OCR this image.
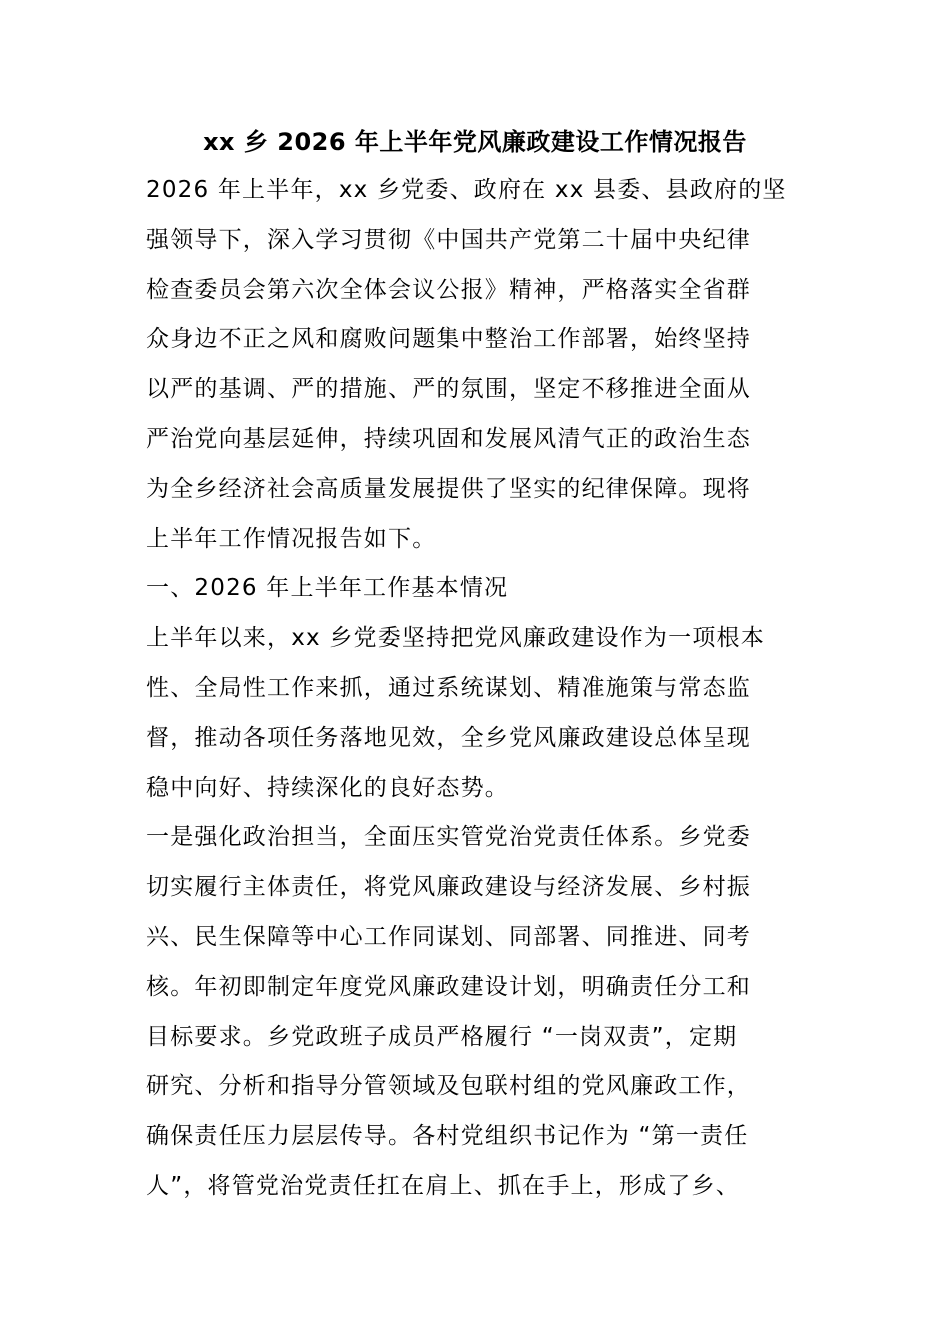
xx 乡 2026 年上半年党风廉政建设工作情况报告

2026 年上半年，xx 乡党委、政府在 xx 县委、县政府的坚
强领导下，深入学习贯彻《中国共产党第二十届中央纪律
检查委员会第六次全体会议公报》精神，严格落实全省群
众身边不正之风和腐败问题集中整治工作部署，始终坚持
以严的基调、严的措施、严的氛围，坚定不移推进全面从
严治党向基层延伸，持续巩固和发展风清气正的政治生态
为全乡经济社会高质量发展提供了坚实的纪律保障。现将
上半年工作情况报告如下。

一、2026 年上半年工作基本情况

上半年以来，xx 乡党委坚持把党风廉政建设作为一项根本
性、全局性工作来抓，通过系统谋划、精准施策与常态监
督，推动各项任务落地见效，全乡党风廉政建设总体呈现
稳中向好、持续深化的良好态势。

一是强化政治担当，全面压实管党治党责任体系。乡党委
切实履行主体责任，将党风廉政建设与经济发展、乡村振
兴、民生保障等中心工作同谋划、同部署、同推进、同考
核。年初即制定年度党风廉政建设计划，明确责任分工和
目标要求。乡党政班子成员严格履行 “一岗双责”，定期
研究、分析和指导分管领域及包联村组的党风廉政工作，
确保责任压力层层传导。各村党组织书记作为 “第一责任
人”，将管党治党责任扛在肩上、抓在手上，形成了乡、
